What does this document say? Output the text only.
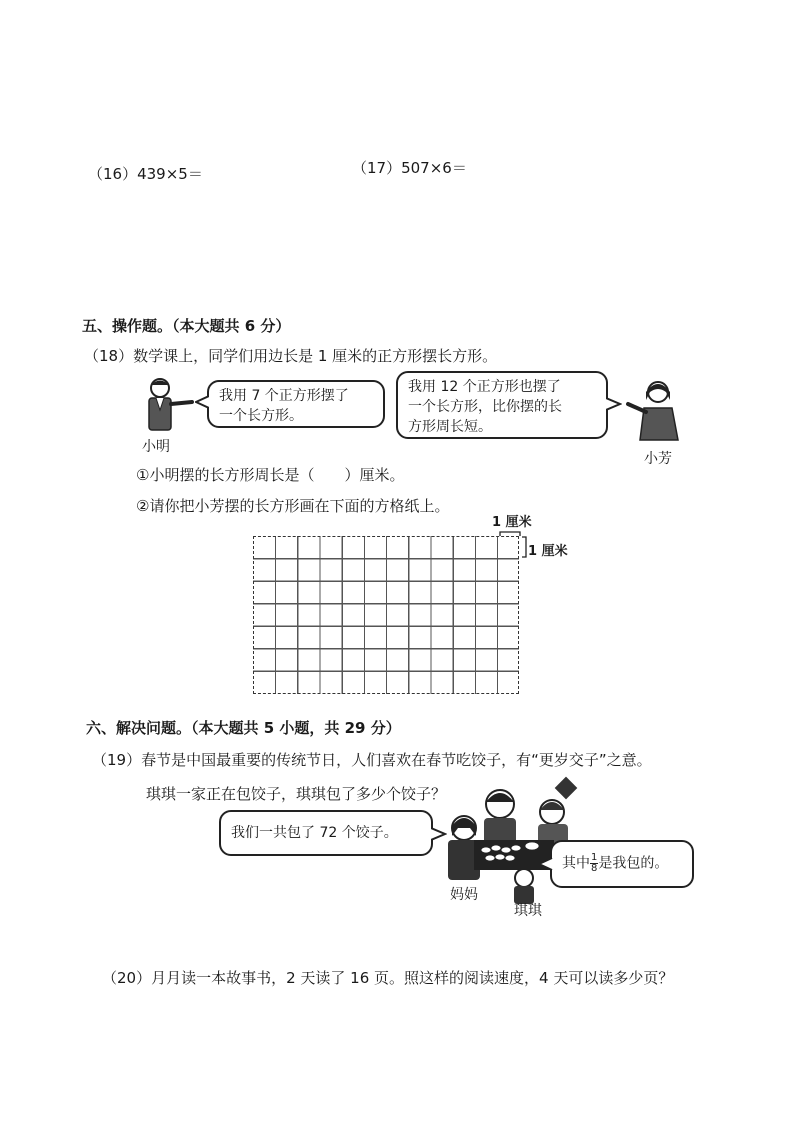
（16）439×5＝	（17）507×6＝
五、操作题。（本大题共 6 分）
（18）数学课上，同学们用边长是 1 厘米的正方形摆长方形。
小明
我用 7 个正方形摆了
一个长方形。
我用 12 个正方形也摆了
一个长方形，比你摆的长
方形周长短。
小芳
①小明摆的长方形周长是（　　）厘米。
②请你把小芳摆的长方形画在下面的方格纸上。
1 厘米
1 厘米
六、解决问题。（本大题共 5 小题，共 29 分）
（19）春节是中国最重要的传统节日，人们喜欢在春节吃饺子，有“更岁交子”之意。
琪琪一家正在包饺子，琪琪包了多少个饺子？
我们一共包了 72 个饺子。
其中 $\frac{1}{8}$ 是我包的。
妈妈
琪琪
（20）月月读一本故事书，2 天读了 16 页。照这样的阅读速度，4 天可以读多少页？
